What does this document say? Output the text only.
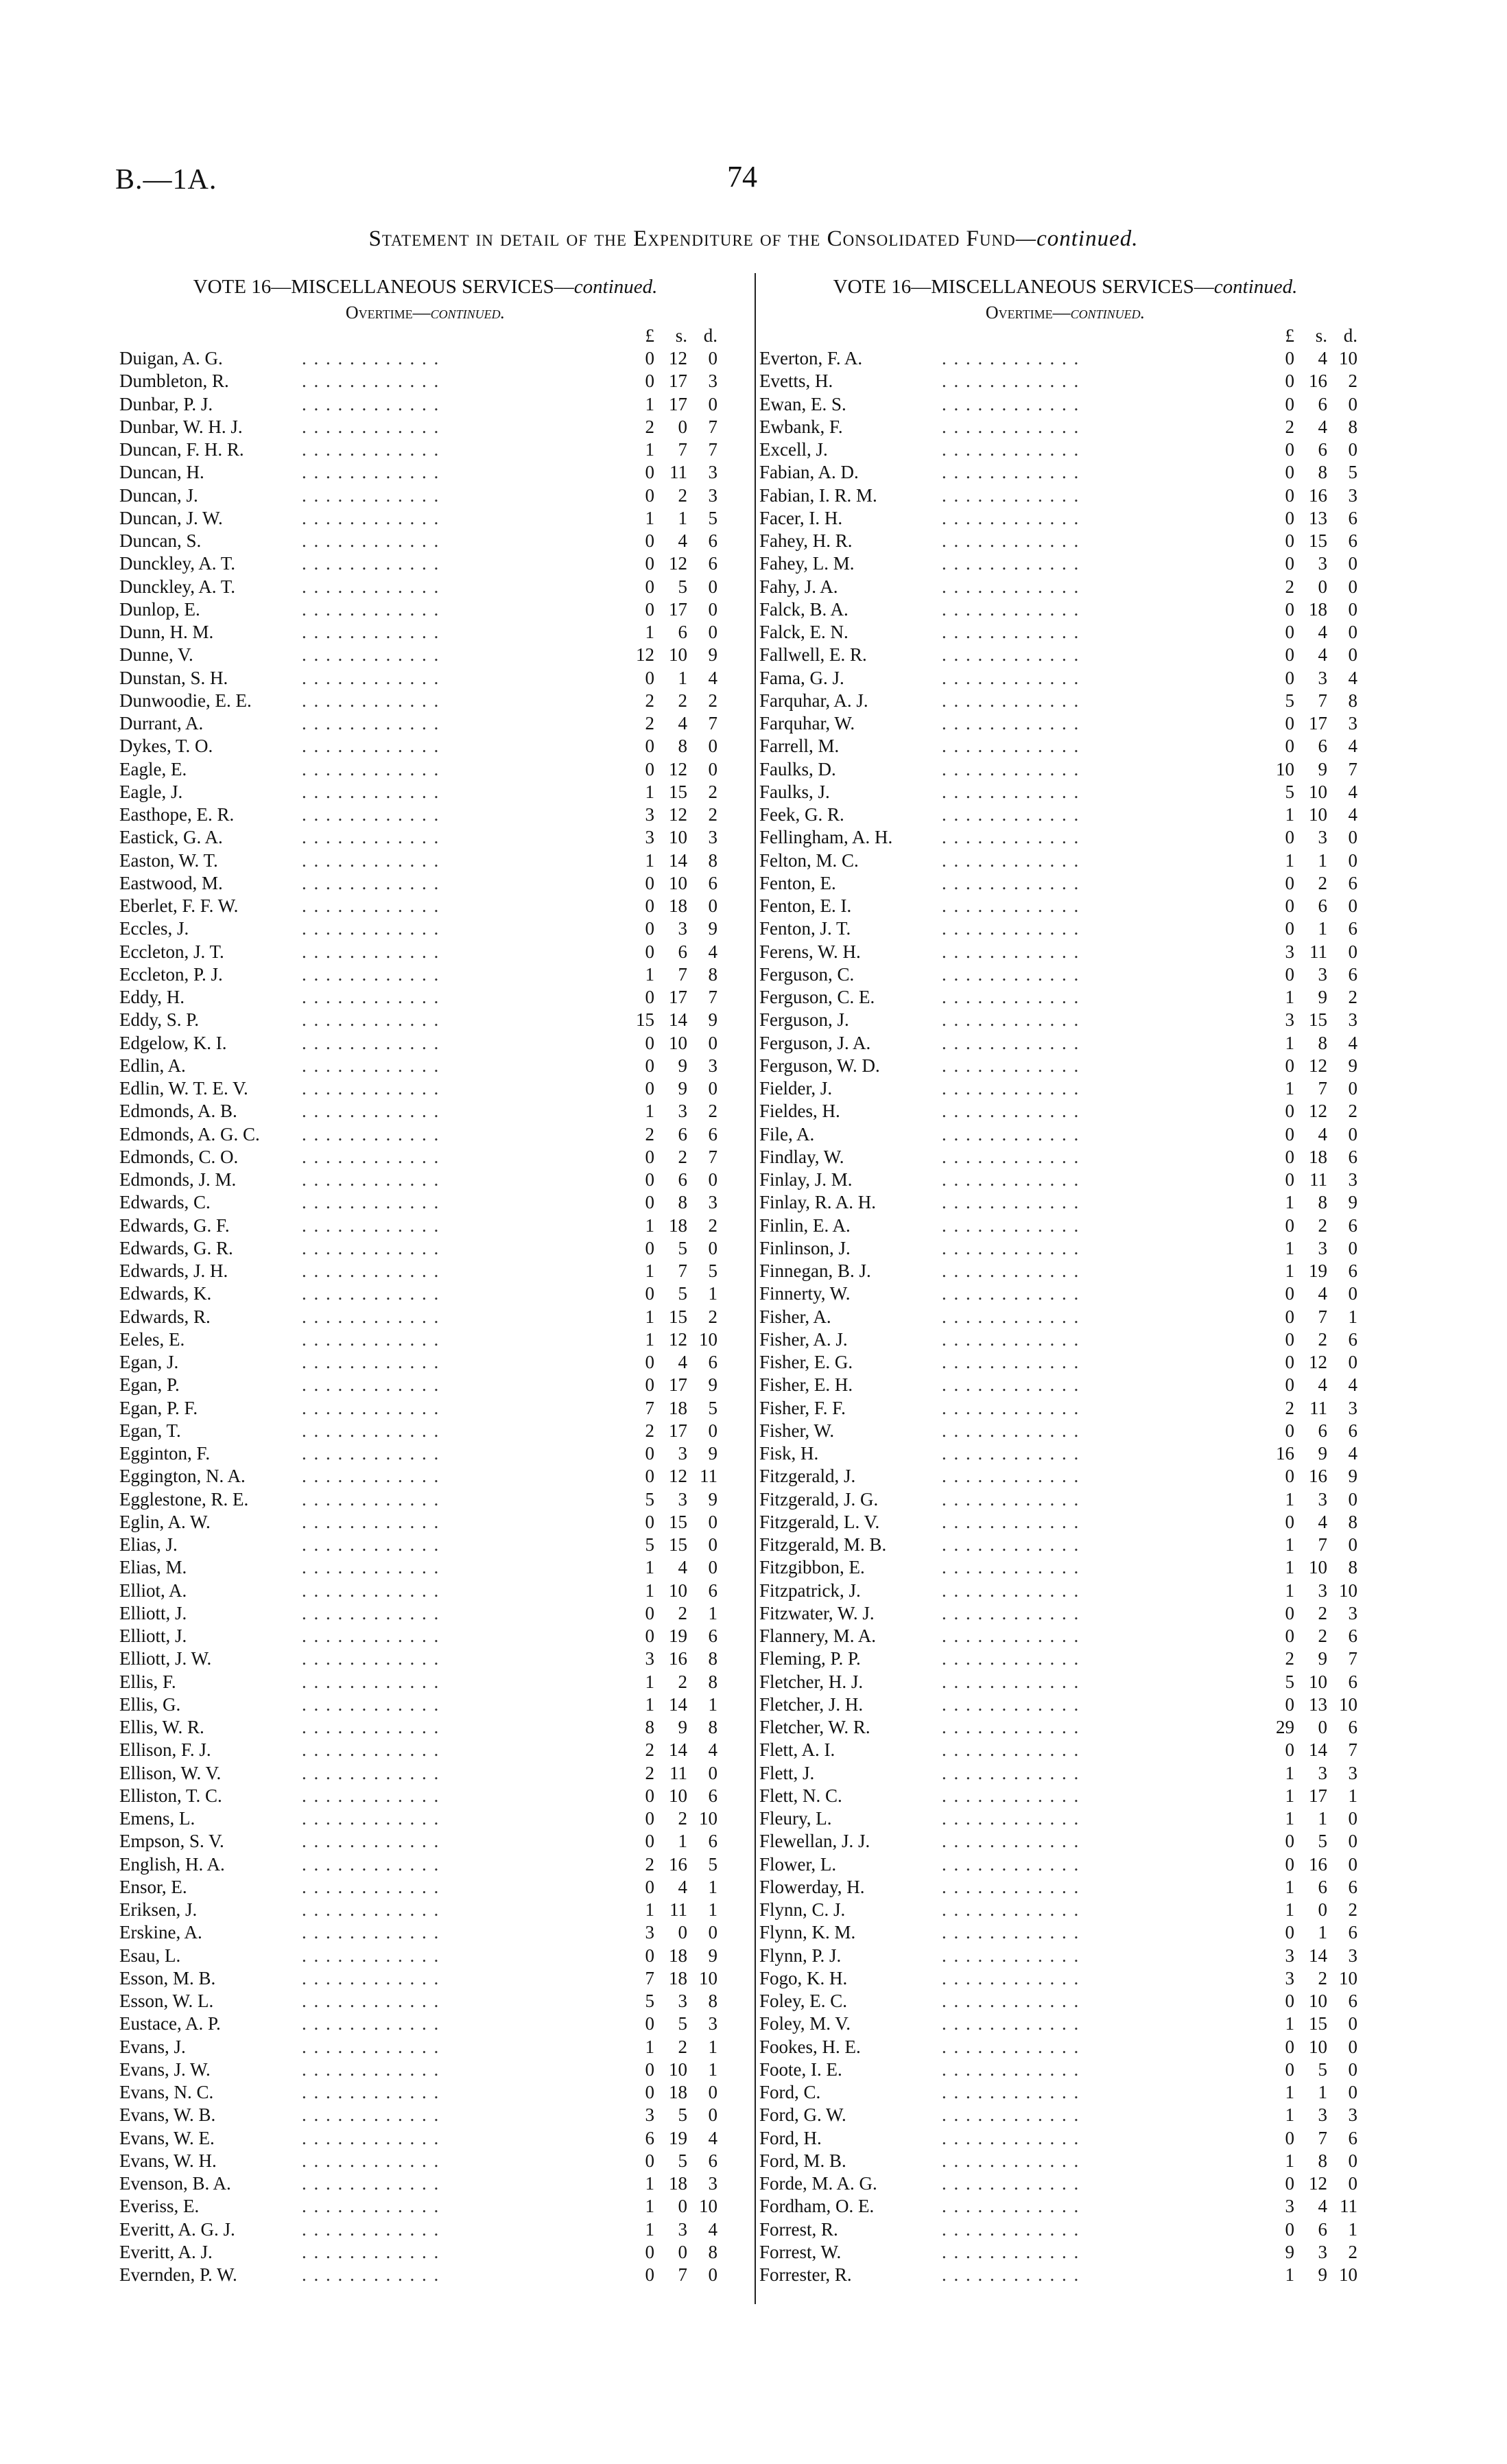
B.—1A.	74
Statement in detail of the Expenditure of the Consolidated Fund—continued.
VOTE 16—MISCELLANEOUS SERVICES—continued.
Overtime—continued.
£	s. d.
Duigan, A. G.	. . . . . . . . . . . .	0 12	0
Dumbleton, R.	. . . . . . . . . . . .	0 17	3
Dunbar, P. J.	. . . . . . . . . . . .	1 17	0
Dunbar, W. H. J.	. . . . . . . . . . . .	2	0	7
Duncan, F. H. R.	. . . . . . . . . . . .	1	7	7
Duncan, H.	. . . . . . . . . . . .	0 11	3
Duncan, J.	. . . . . . . . . . . .	0	2	3
Duncan, J. W.	. . . . . . . . . . . .	1	1	5
Duncan, S.	. . . . . . . . . . . .	0	4	6
Dunckley, A. T.	. . . . . . . . . . . .	0 12	6
Dunckley, A. T.	. . . . . . . . . . . .	0	5	0
Dunlop, E.	. . . . . . . . . . . .	0 17	0
Dunn, H. M.	. . . . . . . . . . . .	1	6	0
Dunne, V.	. . . . . . . . . . . .	12 10	9
Dunstan, S. H.	. . . . . . . . . . . .	0	1	4
Dunwoodie, E. E.	. . . . . . . . . . . .	2	2	2
Durrant, A.	. . . . . . . . . . . .	2	4	7
Dykes, T. O.	. . . . . . . . . . . .	0	8	0
Eagle, E.	. . . . . . . . . . . .	0 12	0
Eagle, J.	. . . . . . . . . . . .	1 15	2
Easthope, E. R.	. . . . . . . . . . . .	3 12	2
Eastick, G. A.	. . . . . . . . . . . .	3 10	3
Easton, W. T.	. . . . . . . . . . . .	1 14	8
Eastwood, M.	. . . . . . . . . . . .	0 10	6
Eberlet, F. F. W.	. . . . . . . . . . . .	0 18	0
Eccles, J.	. . . . . . . . . . . .	0	3	9
Eccleton, J. T.	. . . . . . . . . . . .	0	6	4
Eccleton, P. J.	. . . . . . . . . . . .	1	7	8
Eddy, H.	. . . . . . . . . . . .	0 17	7
Eddy, S. P.	. . . . . . . . . . . .	15 14	9
Edgelow, K. I.	. . . . . . . . . . . .	0 10	0
Edlin, A.	. . . . . . . . . . . .	0	9	3
Edlin, W. T. E. V.	. . . . . . . . . . . .	0	9	0
Edmonds, A. B.	. . . . . . . . . . . .	1	3	2
Edmonds, A. G. C. . . . . . . . . . . . .	2	6	6
Edmonds, C. O.	. . . . . . . . . . . .	0	2	7
Edmonds, J. M.	. . . . . . . . . . . .	0	6	0
Edwards, C.	. . . . . . . . . . . .	0	8	3
Edwards, G. F.	. . . . . . . . . . . .	1 18	2
Edwards, G. R.	. . . . . . . . . . . .	0	5	0
Edwards, J. H.	. . . . . . . . . . . .	1	7	5
Edwards, K.	. . . . . . . . . . . .	0	5	1
Edwards, R.	. . . . . . . . . . . .	1 15	2
Eeles, E.	. . . . . . . . . . . .	1 12 10
Egan, J.	. . . . . . . . . . . .	0	4	6
Egan, P.	. . . . . . . . . . . .	0 17	9
Egan, P. F.	. . . . . . . . . . . .	7 18	5
Egan, T.	. . . . . . . . . . . .	2 17	0
Egginton, F.	. . . . . . . . . . . .	0	3	9
Eggington, N. A.	. . . . . . . . . . . .	0 12 11
Egglestone, R. E.	. . . . . . . . . . . .	5	3	9
Eglin, A. W.	. . . . . . . . . . . .	0 15	0
Elias, J.	. . . . . . . . . . . .	5 15	0
Elias, M.	. . . . . . . . . . . .	1	4	0
Elliot, A.	. . . . . . . . . . . .	1 10	6
Elliott, J.	. . . . . . . . . . . .	0	2	1
Elliott, J.	. . . . . . . . . . . .	0 19	6
Elliott, J. W.	. . . . . . . . . . . .	3 16	8
Ellis, F.	. . . . . . . . . . . .	1	2	8
Ellis, G.	. . . . . . . . . . . .	1 14	1
Ellis, W. R.	. . . . . . . . . . . .	8	9	8
Ellison, F. J.	. . . . . . . . . . . .	2 14	4
Ellison, W. V.	. . . . . . . . . . . .	2 11	0
Elliston, T. C.	. . . . . . . . . . . .	0 10	6
Emens, L.	. . . . . . . . . . . .	0	2 10
Empson, S. V.	. . . . . . . . . . . .	0	1	6
English, H. A.	. . . . . . . . . . . .	2 16	5
Ensor, E.	. . . . . . . . . . . .	0	4	1
Eriksen, J.	. . . . . . . . . . . .	1 11	1
Erskine, A.	. . . . . . . . . . . .	3	0	0
Esau, L.	. . . . . . . . . . . .	0 18	9
Esson, M. B.	. . . . . . . . . . . .	7 18 10
Esson, W. L.	. . . . . . . . . . . .	5	3	8
Eustace, A. P.	. . . . . . . . . . . .	0	5	3
Evans, J.	. . . . . . . . . . . .	1	2	1
Evans, J. W.	. . . . . . . . . . . .	0 10	1
Evans, N. C.	. . . . . . . . . . . .	0 18	0
Evans, W. B.	. . . . . . . . . . . .	3	5	0
Evans, W. E.	. . . . . . . . . . . .	6 19	4
Evans, W. H.	. . . . . . . . . . . .	0	5	6
Evenson, B. A.	. . . . . . . . . . . .	1 18	3
Everiss, E.	. . . . . . . . . . . .	1	0 10
Everitt, A. G. J.	. . . . . . . . . . . .	1	3	4
Everitt, A. J.	. . . . . . . . . . . .	0	0	8
Evernden, P. W.	. . . . . . . . . . . .	0	7	0
VOTE 16—MISCELLANEOUS SERVICES—continued.
Overtime—continued.
£	s. d.
Everton, F. A.	. . . . . . . . . . . .	0	4 10
Evetts, H.	. . . . . . . . . . . .	0 16	2
Ewan, E. S.	. . . . . . . . . . . .	0	6	0
Ewbank, F.	. . . . . . . . . . . .	2	4	8
Excell, J.	. . . . . . . . . . . .	0	6	0
Fabian, A. D.	. . . . . . . . . . . .	0	8	5
Fabian, I. R. M.	. . . . . . . . . . . .	0 16	3
Facer, I. H.	. . . . . . . . . . . .	0 13	6
Fahey, H. R.	. . . . . . . . . . . .	0 15	6
Fahey, L. M.	. . . . . . . . . . . .	0	3	0
Fahy, J. A.	. . . . . . . . . . . .	2	0	0
Falck, B. A.	. . . . . . . . . . . .	0 18	0
Falck, E. N.	. . . . . . . . . . . .	0	4	0
Fallwell, E. R.	. . . . . . . . . . . .	0	4	0
Fama, G. J.	. . . . . . . . . . . .	0	3	4
Farquhar, A. J.	. . . . . . . . . . . .	5	7	8
Farquhar, W.	. . . . . . . . . . . .	0 17	3
Farrell, M.	. . . . . . . . . . . .	0	6	4
Faulks, D.	. . . . . . . . . . . .	10	9	7
Faulks, J.	. . . . . . . . . . . .	5 10	4
Feek, G. R.	. . . . . . . . . . . .	1 10	4
Fellingham, A. H.	. . . . . . . . . . . .	0	3	0
Felton, M. C.	. . . . . . . . . . . .	1	1	0
Fenton, E.	. . . . . . . . . . . .	0	2	6
Fenton, E. I.	. . . . . . . . . . . .	0	6	0
Fenton, J. T.	. . . . . . . . . . . .	0	1	6
Ferens, W. H.	. . . . . . . . . . . .	3 11	0
Ferguson, C.	. . . . . . . . . . . .	0	3	6
Ferguson, C. E.	. . . . . . . . . . . .	1	9	2
Ferguson, J.	. . . . . . . . . . . .	3 15	3
Ferguson, J. A.	. . . . . . . . . . . .	1	8	4
Ferguson, W. D.	. . . . . . . . . . . .	0 12	9
Fielder, J.	. . . . . . . . . . . .	1	7	0
Fieldes, H.	. . . . . . . . . . . .	0 12	2
File, A.	. . . . . . . . . . . .	0	4	0
Findlay, W.	. . . . . . . . . . . .	0 18	6
Finlay, J. M.	. . . . . . . . . . . .	0 11	3
Finlay, R. A. H.	. . . . . . . . . . . .	1	8	9
Finlin, E. A.	. . . . . . . . . . . .	0	2	6
Finlinson, J.	. . . . . . . . . . . .	1	3	0
Finnegan, B. J.	. . . . . . . . . . . .	1 19	6
Finnerty, W.	. . . . . . . . . . . .	0	4	0
Fisher, A.	. . . . . . . . . . . .	0	7	1
Fisher, A. J.	. . . . . . . . . . . .	0	2	6
Fisher, E. G.	. . . . . . . . . . . .	0 12	0
Fisher, E. H.	. . . . . . . . . . . .	0	4	4
Fisher, F. F.	. . . . . . . . . . . .	2 11	3
Fisher, W.	. . . . . . . . . . . .	0	6	6
Fisk, H.	. . . . . . . . . . . .	16	9	4
Fitzgerald, J.	. . . . . . . . . . . .	0 16	9
Fitzgerald, J. G.	. . . . . . . . . . . .	1	3	0
Fitzgerald, L. V.	. . . . . . . . . . . .	0	4	8
Fitzgerald, M. B.	. . . . . . . . . . . .	1	7	0
Fitzgibbon, E.	. . . . . . . . . . . .	1 10	8
Fitzpatrick, J.	. . . . . . . . . . . .	1	3 10
Fitzwater, W. J.	. . . . . . . . . . . .	0	2	3
Flannery, M. A.	. . . . . . . . . . . .	0	2	6
Fleming, P. P.	. . . . . . . . . . . .	2	9	7
Fletcher, H. J.	. . . . . . . . . . . .	5 10	6
Fletcher, J. H.	. . . . . . . . . . . .	0 13 10
Fletcher, W. R.	. . . . . . . . . . . .	29	0	6
Flett, A. I.	. . . . . . . . . . . .	0 14	7
Flett, J.	. . . . . . . . . . . .	1	3	3
Flett, N. C.	. . . . . . . . . . . .	1 17	1
Fleury, L.	. . . . . . . . . . . .	1	1	0
Flewellan, J. J.	. . . . . . . . . . . .	0	5	0
Flower, L.	. . . . . . . . . . . .	0 16	0
Flowerday, H.	. . . . . . . . . . . .	1	6	6
Flynn, C. J.	. . . . . . . . . . . .	1	0	2
Flynn, K. M.	. . . . . . . . . . . .	0	1	6
Flynn, P. J.	. . . . . . . . . . . .	3 14	3
Fogo, K. H.	. . . . . . . . . . . .	3	2 10
Foley, E. C.	. . . . . . . . . . . .	0 10	6
Foley, M. V.	. . . . . . . . . . . .	1 15	0
Fookes, H. E.	. . . . . . . . . . . .	0 10	0
Foote, I. E.	. . . . . . . . . . . .	0	5	0
Ford, C.	. . . . . . . . . . . .	1	1	0
Ford, G. W.	. . . . . . . . . . . .	1	3	3
Ford, H.	. . . . . . . . . . . .	0	7	6
Ford, M. B.	. . . . . . . . . . . .	1	8	0
Forde, M. A. G.	. . . . . . . . . . . .	0 12	0
Fordham, O. E.	. . . . . . . . . . . .	3	4 11
Forrest, R.	. . . . . . . . . . . .	0	6	1
Forrest, W.	. . . . . . . . . . . .	9	3	2
Forrester, R.	. . . . . . . . . . . .	1	9 10
